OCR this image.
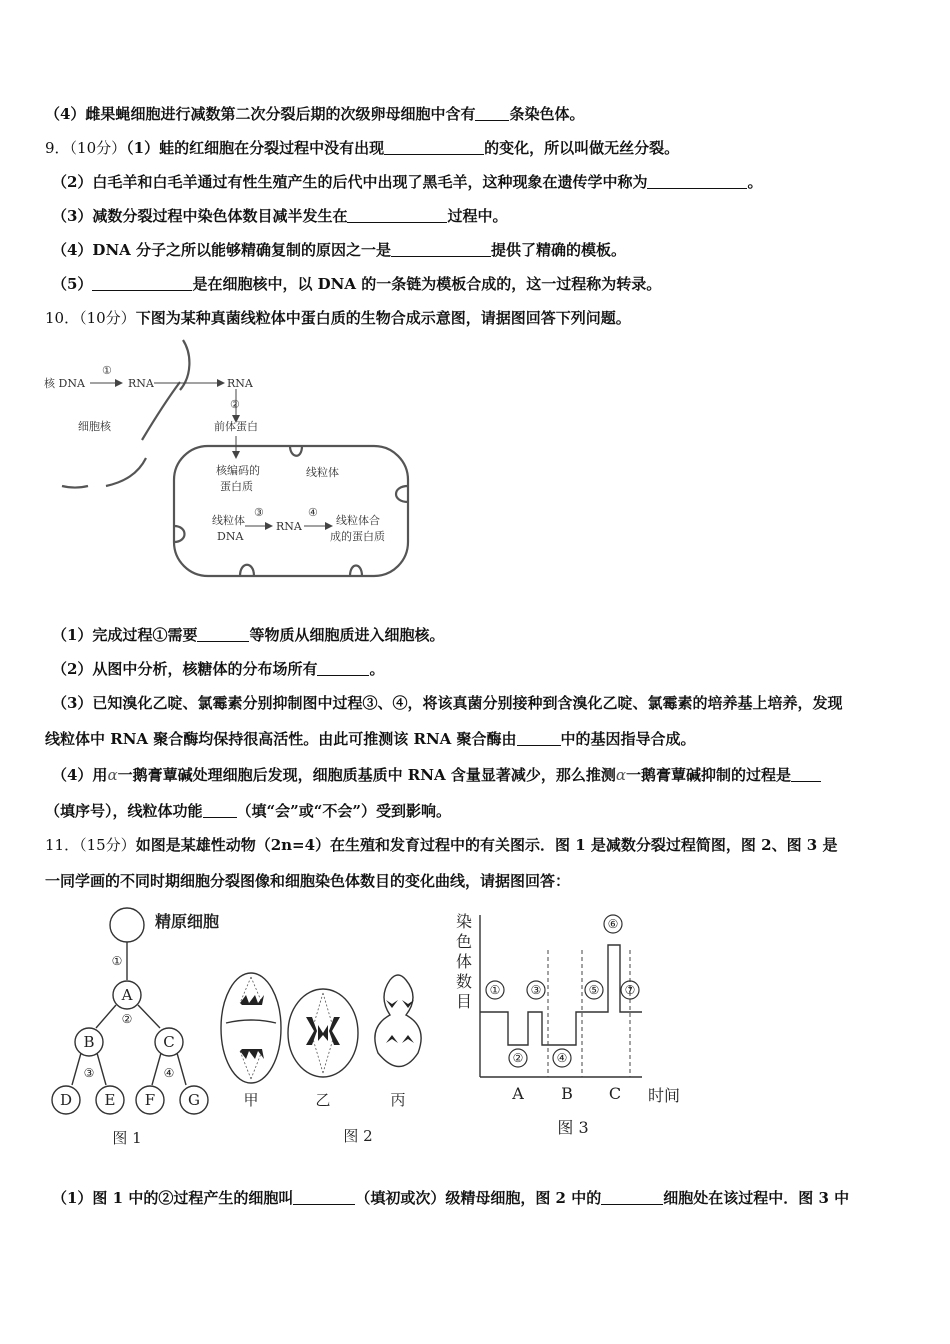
（4）雌果蝇细胞进行减数第二次分裂后期的次级卵母细胞中含有 条染色体。
9．（10分）（1）蛙的红细胞在分裂过程中没有出现	的变化，所以叫做无丝分裂。
（2）白毛羊和白毛羊通过有性生殖产生的后代中出现了黑毛羊，这种现象在遗传学中称为	。
（3）减数分裂过程中染色体数目减半发生在	过程中。
（4）DNA 分子之所以能够精确复制的原因之一是	提供了精确的模板。
（5）	是在细胞核中，以 DNA 的一条链为模板合成的，这一过程称为转录。
10．（10分）下图为某种真菌线粒体中蛋白质的生物合成示意图，请据图回答下列问题。
核 DNA	RNA	RNA
①
②
细胞核	前体蛋白
核编码的
蛋白质
线粒体
线粒体
DNA
③
RNA
④
线粒体合
成的蛋白质
（1）完成过程①需要	等物质从细胞质进入细胞核。
（2）从图中分析，核糖体的分布场所有	。
（3）已知溴化乙啶、氯霉素分别抑制图中过程③、④，将该真菌分别接种到含溴化乙啶、氯霉素的培养基上培养，发现
线粒体中 RNA 聚合酶均保持很高活性。由此可推测该 RNA 聚合酶由	中的基因指导合成。
（4）用α一鹅膏蕈碱处理细胞后发现，细胞质基质中 RNA 含量显著减少，那么推测α一鹅膏蕈碱抑制的过程是
（填序号），线粒体功能 （填“会”或“不会”）受到影响。
11．（15分）如图是某雄性动物（2n=4）在生殖和发育过程中的有关图示．图 1 是减数分裂过程简图，图 2、图 3 是
一同学画的不同时期细胞分裂图像和细胞染色体数目的变化曲线，请据图回答：
精原细胞
①
A
②
B	C
③	④
D E F G
图 1
甲	乙	丙
图 2
染
色
体
数
目
①
②
③
④
⑤
⑥
⑦
A B C 时间
图 3
（1）图 1 中的②过程产生的细胞叫	（填初或次）级精母细胞，图 2 中的	细胞处在该过程中．图 3 中
